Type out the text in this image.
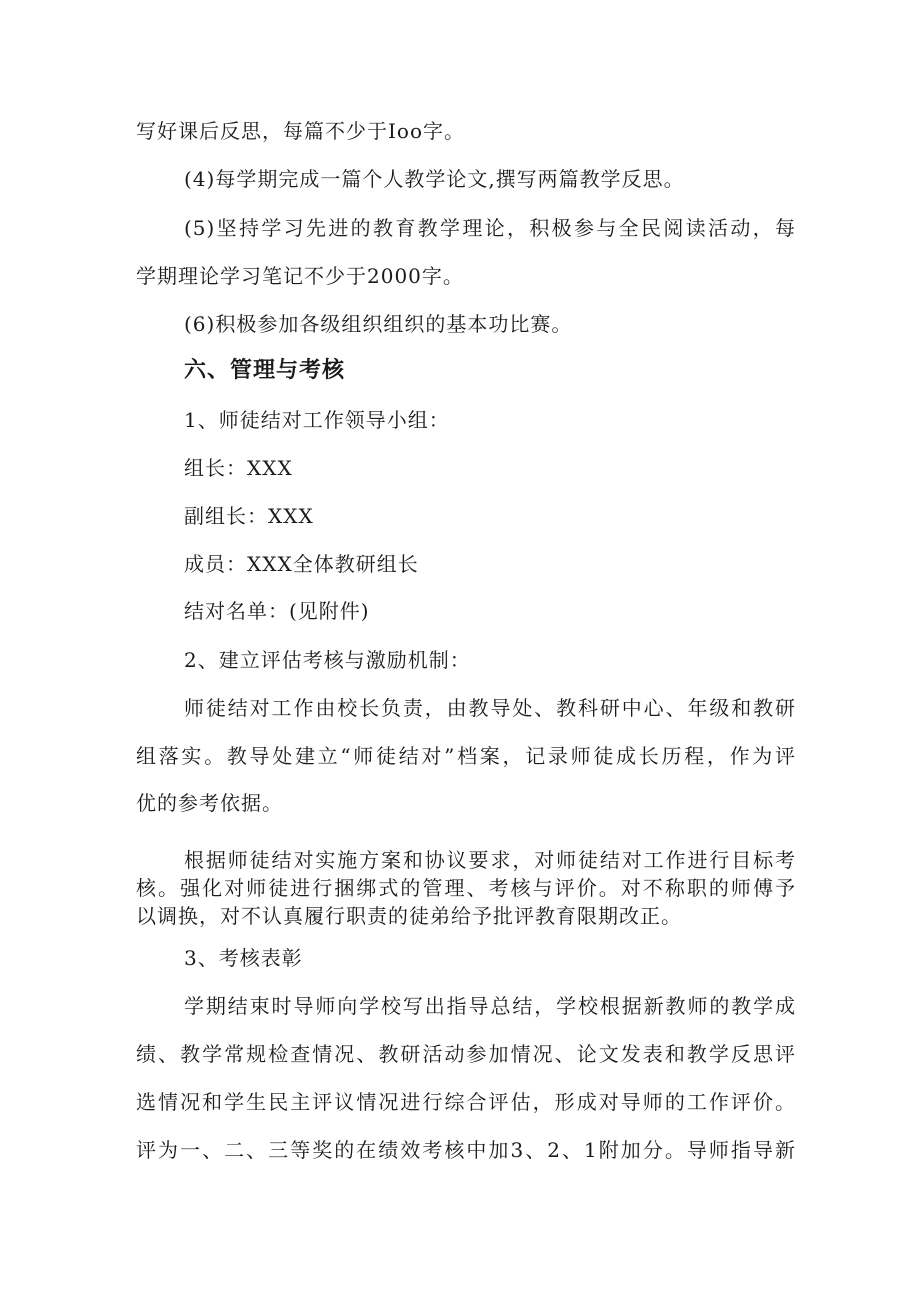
写好课后反思，每篇不少于Ioo字。
(4)每学期完成一篇个人教学论文,撰写两篇教学反思。
(5)坚持学习先进的教育教学理论，积极参与全民阅读活动，每
学期理论学习笔记不少于2000字。
(6)积极参加各级组织组织的基本功比赛。
六、管理与考核
1、师徒结对工作领导小组：
组长：XXX
副组长：XXX
成员：XXX全体教研组长
结对名单：(见附件)
2、建立评估考核与激励机制：
师徒结对工作由校长负责，由教导处、教科研中心、年级和教研
组落实。教导处建立“师徒结对”档案，记录师徒成长历程，作为评
优的参考依据。
根据师徒结对实施方案和协议要求，对师徒结对工作进行目标考
核。强化对师徒进行捆绑式的管理、考核与评价。对不称职的师傅予
以调换，对不认真履行职责的徒弟给予批评教育限期改正。
3、考核表彰
学期结束时导师向学校写出指导总结，学校根据新教师的教学成
绩、教学常规检查情况、教研活动参加情况、论文发表和教学反思评
选情况和学生民主评议情况进行综合评估，形成对导师的工作评价。
评为一、二、三等奖的在绩效考核中加3、2、1附加分。导师指导新
